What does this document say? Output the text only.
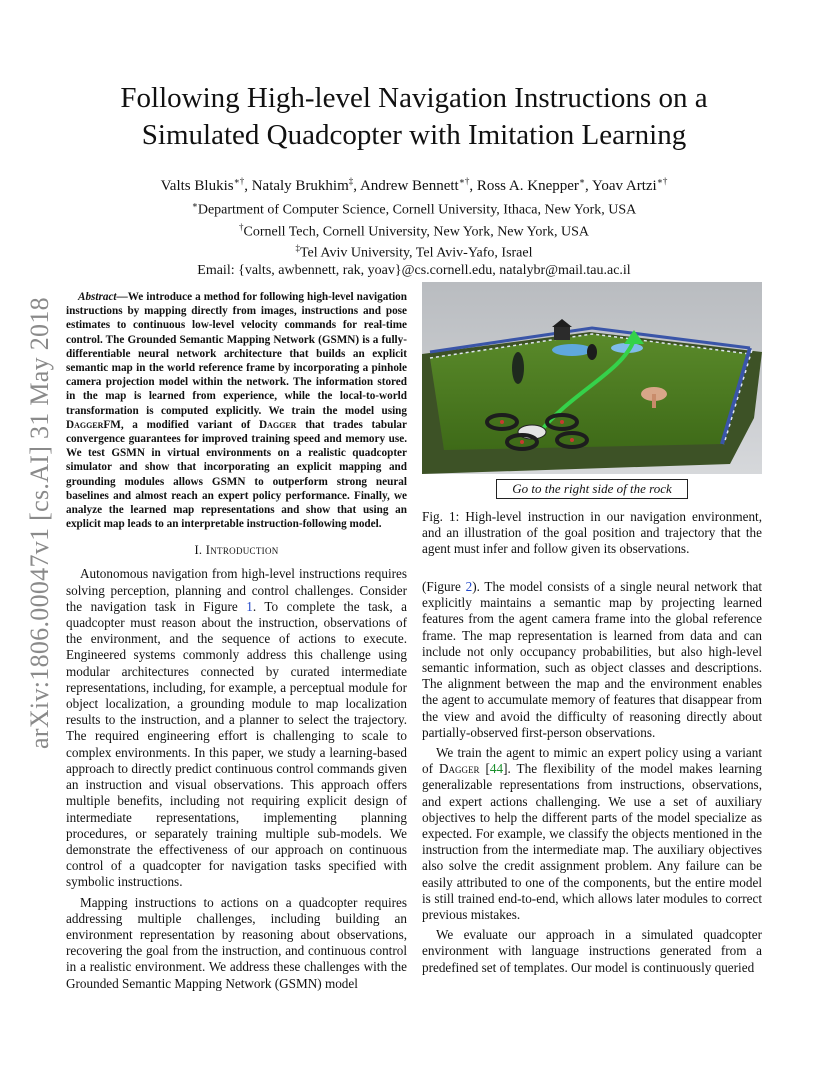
arXiv:1806.00047v1 [cs.AI] 31 May 2018
Following High-level Navigation Instructions on a
Simulated Quadcopter with Imitation Learning
Valts Blukis∗†, Nataly Brukhim‡, Andrew Bennett∗†, Ross A. Knepper∗, Yoav Artzi∗†
∗Department of Computer Science, Cornell University, Ithaca, New York, USA
†Cornell Tech, Cornell University, New York, New York, USA
‡Tel Aviv University, Tel Aviv-Yafo, Israel
Email: {valts, awbennett, rak, yoav}@cs.cornell.edu, natalybr@mail.tau.ac.il

Abstract—We introduce a method for following high-level navigation instructions by mapping directly from images, instructions and pose estimates to continuous low-level velocity commands for real-time control. The Grounded Semantic Mapping Network (GSMN) is a fully-differentiable neural network architecture that builds an explicit semantic map in the world reference frame by incorporating a pinhole camera projection model within the network. The information stored in the map is learned from experience, while the local-to-world transformation is computed explicitly. We train the model using DaggerFM, a modified variant of Dagger that trades tabular convergence guarantees for improved training speed and memory use. We test GSMN in virtual environments on a realistic quadcopter simulator and show that incorporating an explicit mapping and grounding modules allows GSMN to outperform strong neural baselines and almost reach an expert policy performance. Finally, we analyze the learned map representations and show that using an explicit map leads to an interpretable instruction-following model.

I. Introduction

Autonomous navigation from high-level instructions requires solving perception, planning and control challenges. Consider the navigation task in Figure 1. To complete the task, a quadcopter must reason about the instruction, observations of the environment, and the sequence of actions to execute. Engineered systems commonly address this challenge using modular architectures connected by curated intermediate representations, including, for example, a perceptual module for object localization, a grounding module to map localization results to the instruction, and a planner to select the trajectory. The required engineering effort is challenging to scale to complex environments. In this paper, we study a learning-based approach to directly predict continuous control commands given an instruction and visual observations. This approach offers multiple benefits, including not requiring explicit design of intermediate representations, implementing planning procedures, or separately training multiple sub-models. We demonstrate the effectiveness of our approach on continuous control of a quadcopter for navigation tasks specified with symbolic instructions.

Mapping instructions to actions on a quadcopter requires addressing multiple challenges, including building an environment representation by reasoning about observations, recovering the goal from the instruction, and continuous control in a realistic environment. We address these challenges with the Grounded Semantic Mapping Network (GSMN) model

Go to the right side of the rock

Fig. 1: High-level instruction in our navigation environment, and an illustration of the goal position and trajectory that the agent must infer and follow given its observations.

(Figure 2). The model consists of a single neural network that explicitly maintains a semantic map by projecting learned features from the agent camera frame into the global reference frame. The map representation is learned from data and can include not only occupancy probabilities, but also high-level semantic information, such as object classes and descriptions. The alignment between the map and the environment enables the agent to accumulate memory of features that disappear from the view and avoid the difficulty of reasoning directly about partially-observed first-person observations.

We train the agent to mimic an expert policy using a variant of Dagger [44]. The flexibility of the model makes learning generalizable representations from instructions, observations, and expert actions challenging. We use a set of auxiliary objectives to help the different parts of the model specialize as expected. For example, we classify the objects mentioned in the instruction from the intermediate map. The auxiliary objectives also solve the credit assignment problem. Any failure can be easily attributed to one of the components, but the entire model is still trained end-to-end, which allows later modules to correct previous mistakes.

We evaluate our approach in a simulated quadcopter environment with language instructions generated from a predefined set of templates. Our model is continuously queried
